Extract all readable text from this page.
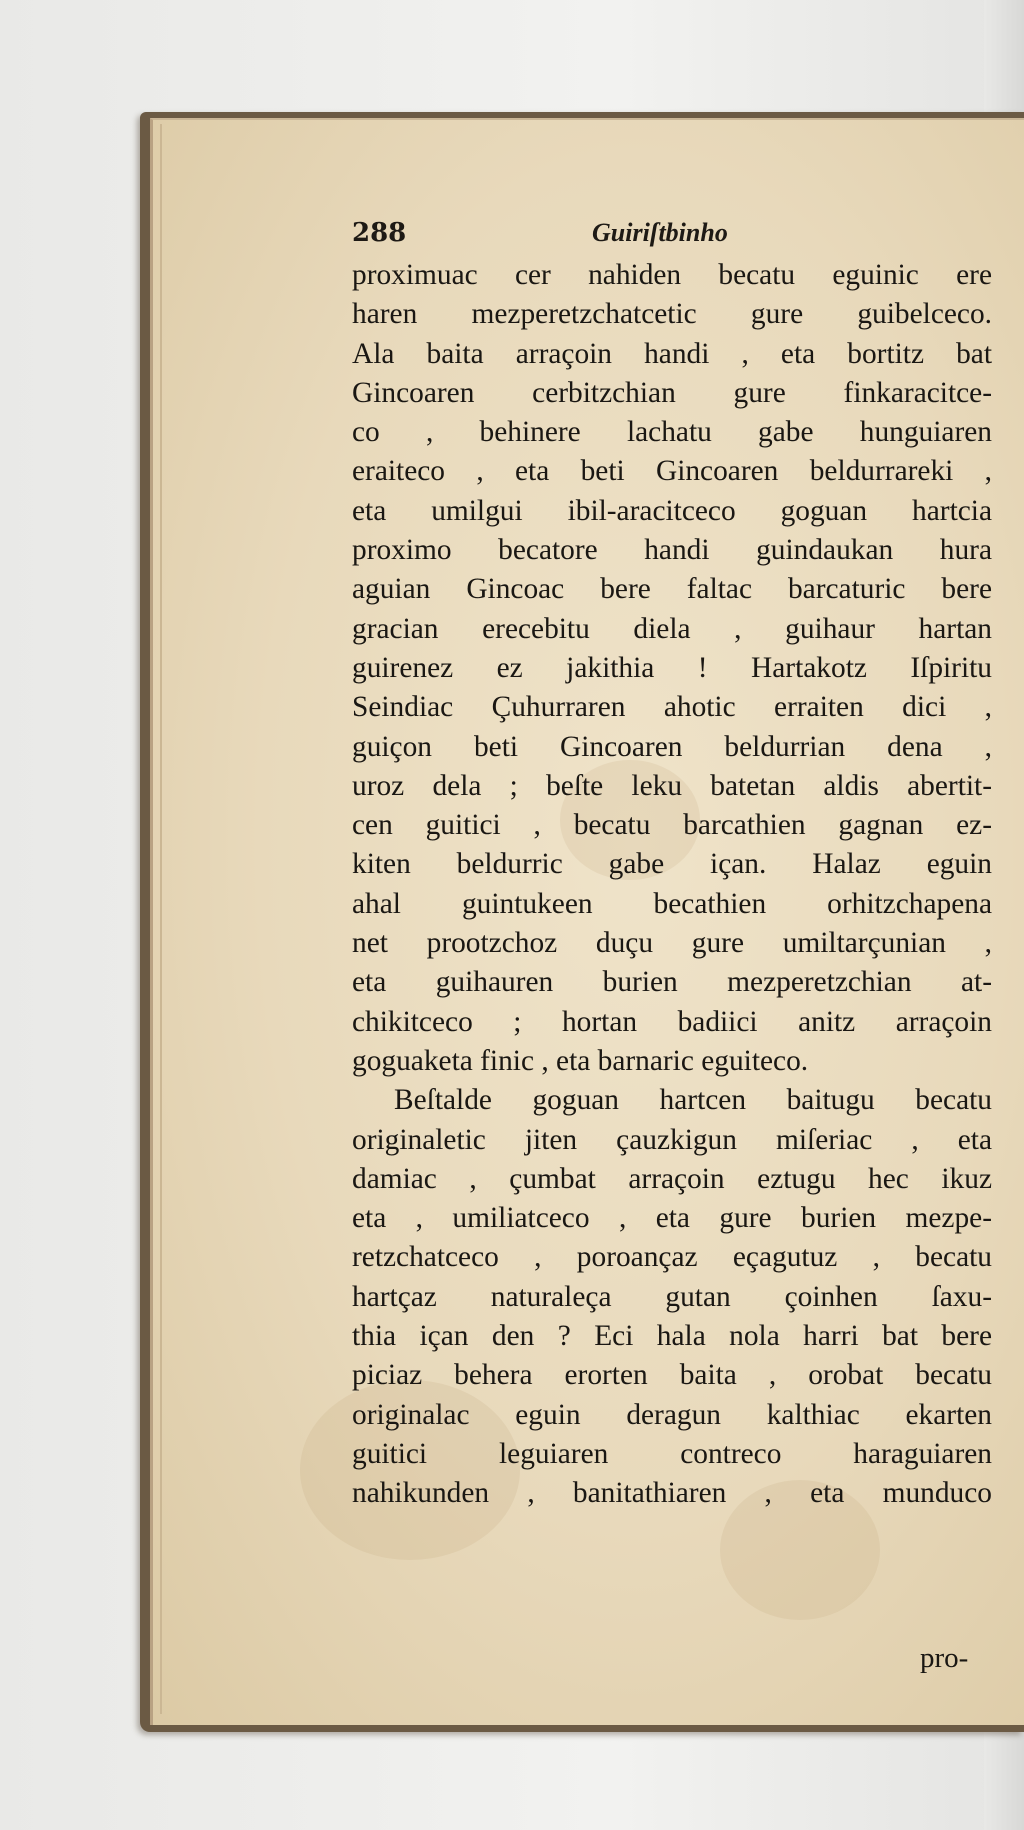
288	Guiriſtbinho
proximuac cer nahiden becatu eguinic ere
haren mezperetzchatcetic gure guibelceco.
Ala baita arraçoin handi , eta bortitz bat
Gincoaren cerbitzchian gure finkaracitce-
co , behinere lachatu gabe hunguiaren
eraiteco , eta beti Gincoaren beldurrareki ,
eta umilgui ibil-aracitceco goguan hartcia
proximo becatore handi guindaukan hura
aguian Gincoac bere faltac barcaturic bere
gracian erecebitu diela , guihaur hartan
guirenez ez jakithia ! Hartakotz Iſpiritu
Seindiac Çuhurraren ahotic erraiten dici ,
guiçon beti Gincoaren beldurrian dena ,
uroz dela ; beſte leku batetan aldis abertit-
cen guitici , becatu barcathien gagnan ez-
kiten beldurric gabe içan. Halaz eguin
ahal guintukeen becathien orhitzchapena
net prootzchoz duçu gure umiltarçunian ,
eta guihauren burien mezperetzchian at-
chikitceco ; hortan badiici anitz arraçoin
goguaketa finic , eta barnaric eguiteco.
Beſtalde goguan hartcen baitugu becatu
originaletic jiten çauzkigun miſeriac , eta
damiac , çumbat arraçoin eztugu hec ikuz
eta , umiliatceco , eta gure burien mezpe-
retzchatceco , poroançaz eçagutuz , becatu
hartçaz naturaleça gutan çoinhen ſaxu-
thia içan den ? Eci hala nola harri bat bere
piciaz behera erorten baita , orobat becatu
originalac eguin deragun kalthiac ekarten
guitici leguiaren contreco haraguiaren
nahikunden , banitathiaren , eta munduco
pro-
